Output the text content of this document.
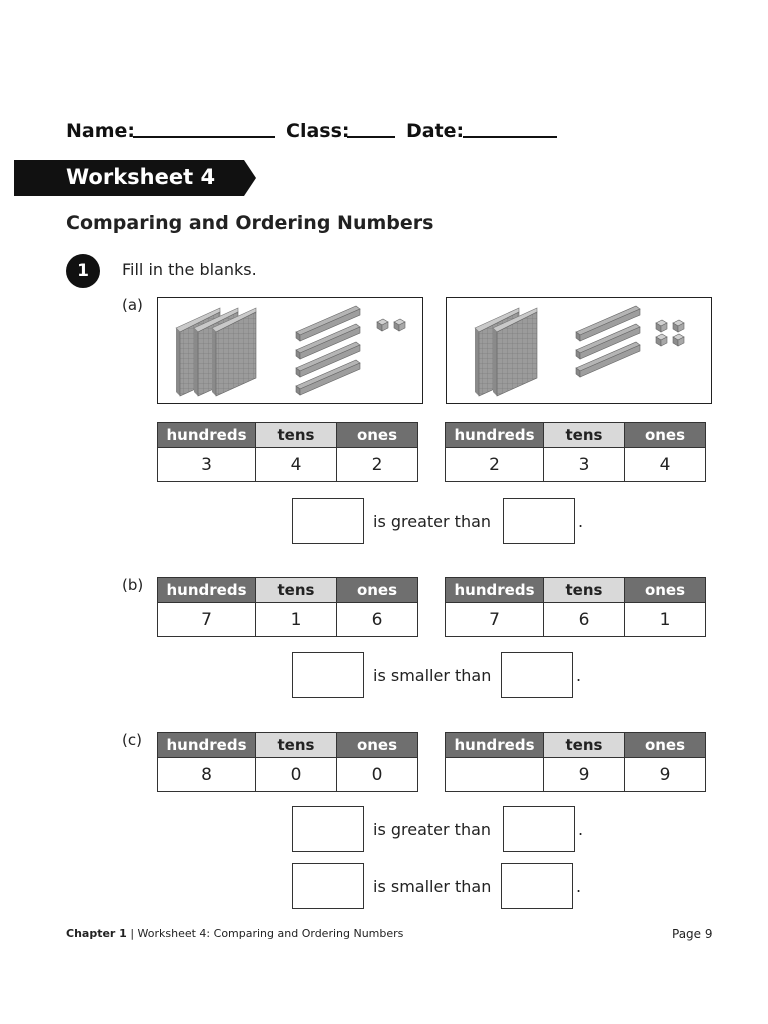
Name:	Class:	Date:
Worksheet 4
Comparing and Ordering Numbers
1 Fill in the blanks.
(a)
hundreds	tens	ones
3	4	2
hundreds	tens	ones
2	3	4
is greater than	.
(b) hundreds	tens	ones
7	1	6
hundreds	tens	ones
7	6	1
is smaller than	.
(c) hundreds	tens	ones
8	0	0
hundreds	tens	ones
	9	9
is greater than	.
is smaller than	.
Chapter 1 | Worksheet 4: Comparing and Ordering Numbers	Page 9
